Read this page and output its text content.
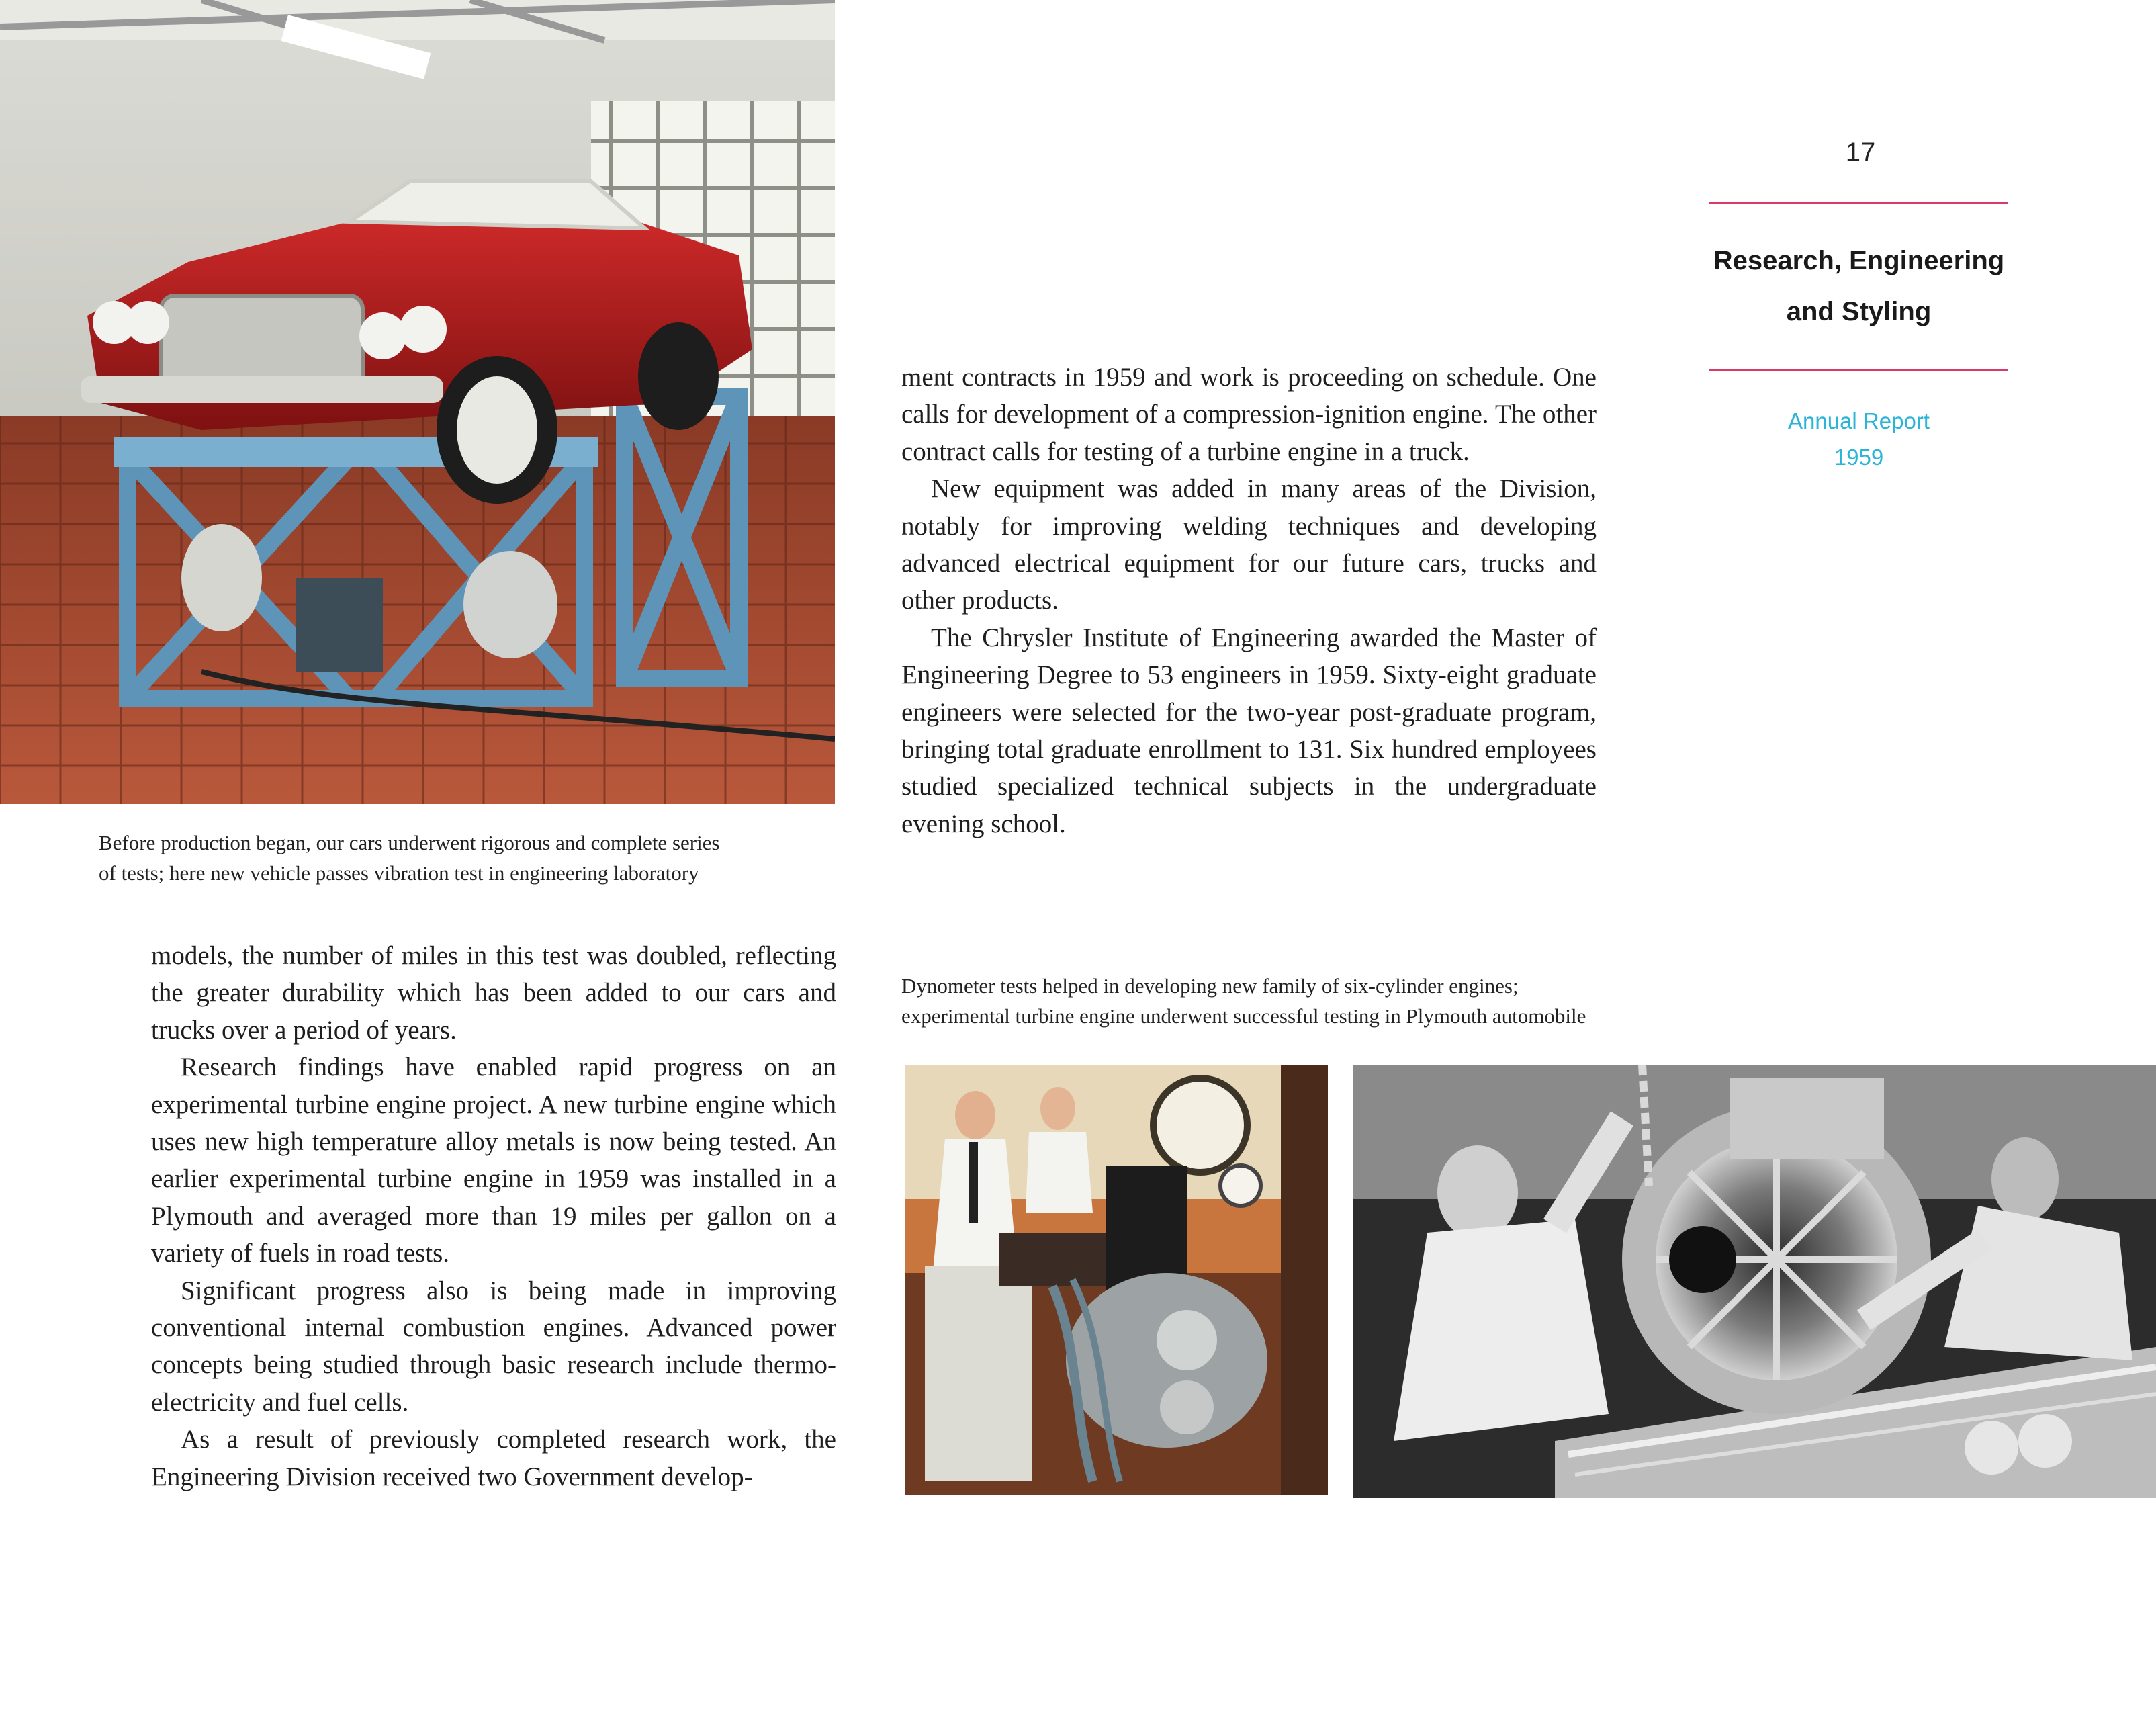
Before production began, our cars underwent rigorous and complete series
of tests; here new vehicle passes vibration test in engineering laboratory

models, the number of miles in this test was doubled, reflecting the greater durability which has been added to our cars and trucks over a period of years.

Research findings have enabled rapid progress on an experimental turbine engine project. A new turbine engine which uses new high temperature alloy metals is now being tested. An earlier experimental turbine engine in 1959 was installed in a Plymouth and averaged more than 19 miles per gallon on a variety of fuels in road tests.

Significant progress also is being made in improving conventional internal combustion engines. Advanced power concepts being studied through basic research include thermo-electricity and fuel cells.

As a result of previously completed research work, the Engineering Division received two Government develop-

ment contracts in 1959 and work is proceeding on schedule. One calls for development of a compression-ignition engine. The other contract calls for testing of a turbine engine in a truck.

New equipment was added in many areas of the Division, notably for improving welding techniques and developing advanced electrical equipment for our future cars, trucks and other products.

The Chrysler Institute of Engineering awarded the Master of Engineering Degree to 53 engineers in 1959. Sixty-eight graduate engineers were selected for the two-year post-graduate program, bringing total graduate enrollment to 131. Six hundred employees studied specialized technical subjects in the undergraduate evening school.

17
Research, Engineering
and Styling
Annual Report
1959

Dynometer tests helped in developing new family of six-cylinder engines;
experimental turbine engine underwent successful testing in Plymouth automobile
